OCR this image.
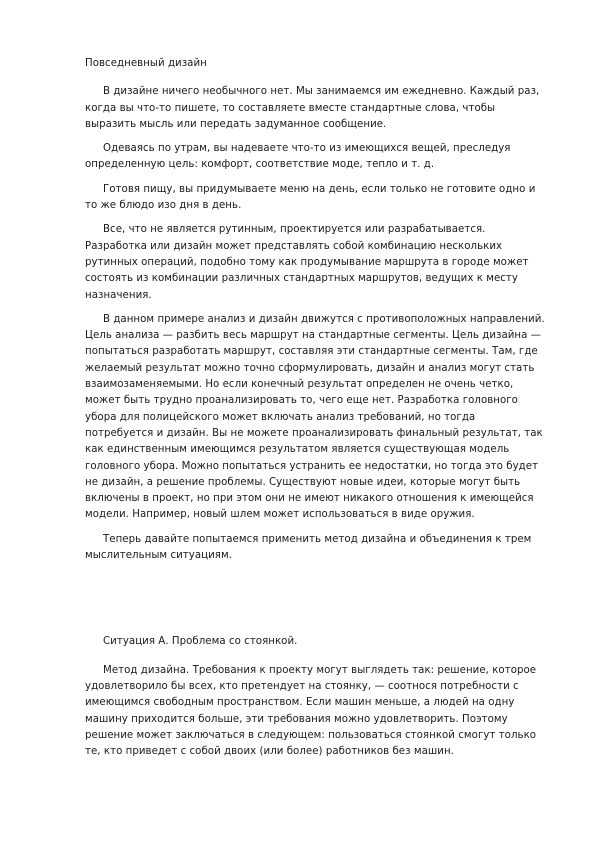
Повседневный дизайн

В дизайне ничего необычного нет. Мы занимаемся им ежедневно. Каждый раз, когда вы что-то пишете, то составляете вместе стандартные слова, чтобы выразить мысль или передать задуманное сообщение.

Одеваясь по утрам, вы надеваете что-то из имеющихся вещей, преследуя определенную цель: комфорт, соответствие моде, тепло и т. д.

Готовя пищу, вы придумываете меню на день, если только не готовите одно и то же блюдо изо дня в день.

Все, что не является рутинным, проектируется или разрабатывается. Разработка или дизайн может представлять собой комбинацию нескольких рутинных операций, подобно тому как продумывание маршрута в городе может состоять из комбинации различных стандартных маршрутов, ведущих к месту назначения.

В данном примере анализ и дизайн движутся с противоположных направлений. Цель анализа — разбить весь маршрут на стандартные сегменты. Цель дизайна — попытаться разработать маршрут, составляя эти стандартные сегменты. Там, где желаемый результат можно точно сформулировать, дизайн и анализ могут стать взаимозаменяемыми. Но если конечный результат определен не очень четко, может быть трудно проанализировать то, чего еще нет. Разработка головного убора для полицейского может включать анализ требований, но тогда потребуется и дизайн. Вы не можете проанализировать финальный результат, так как единственным имеющимся результатом является существующая модель головного убора. Можно попытаться устранить ее недостатки, но тогда это будет не дизайн, а решение проблемы. Существуют новые идеи, которые могут быть включены в проект, но при этом они не имеют никакого отношения к имеющейся модели. Например, новый шлем может использоваться в виде оружия.

Теперь давайте попытаемся применить метод дизайна и объединения к трем мыслительным ситуациям.

Ситуация А. Проблема со стоянкой.

Метод дизайна. Требования к проекту могут выглядеть так: решение, которое удовлетворило бы всех, кто претендует на стоянку, — соотнося потребности с имеющимся свободным пространством. Если машин меньше, а людей на одну машину приходится больше, эти требования можно удовлетворить. Поэтому решение может заключаться в следующем: пользоваться стоянкой смогут только те, кто приведет с собой двоих (или более) работников без машин.
